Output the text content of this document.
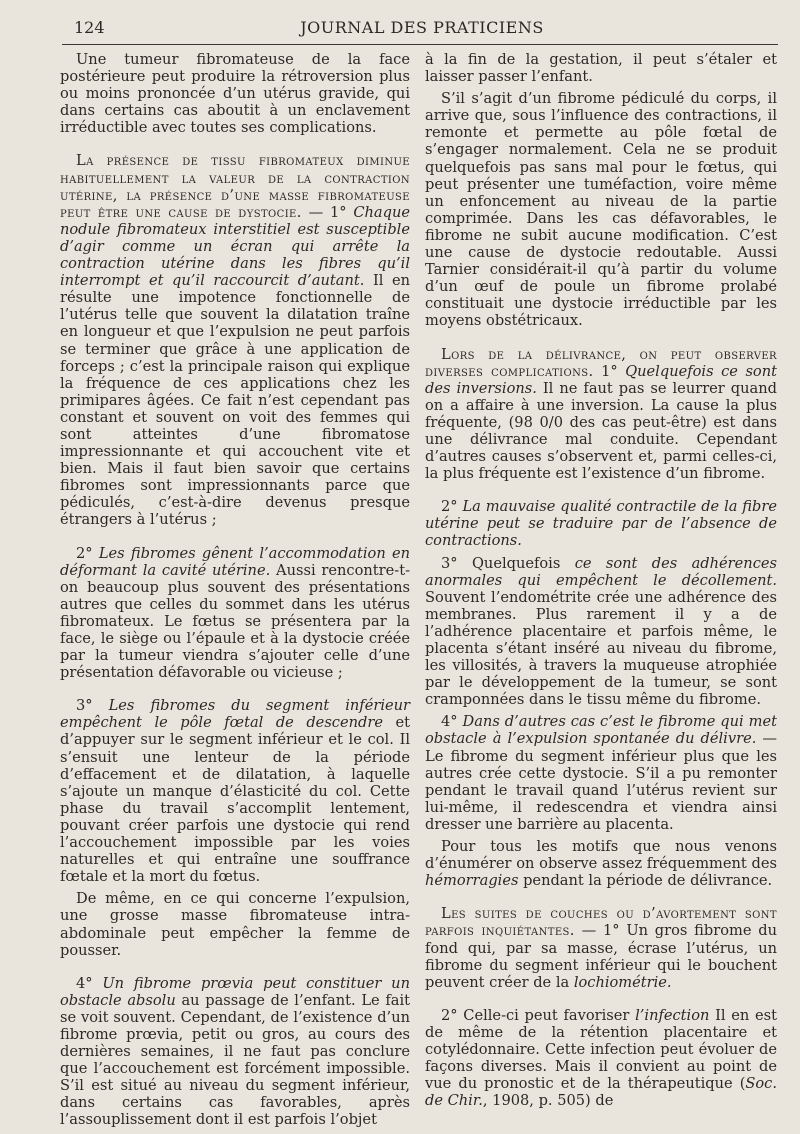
124	JOURNAL DES PRATICIENS

Une tumeur fibromateuse de la face postérieure peut produire la rétroversion plus ou moins prononcée d’un utérus gravide, qui dans certains cas aboutit à un enclavement irréductible avec toutes ses complications.

La présence de tissu fibromateux diminue habituellement la valeur de la contraction utérine, la présence d’une masse fibromateuse peut être une cause de dystocie. — 1° Chaque nodule fibromateux interstitiel est susceptible d’agir comme un écran qui arrête la contraction utérine dans les fibres qu’il interrompt et qu’il raccourcit d’autant. Il en résulte une impotence fonctionnelle de l’utérus telle que souvent la dilatation traîne en longueur et que l’expulsion ne peut parfois se terminer que grâce à une application de forceps ; c’est la principale raison qui explique la fréquence de ces applications chez les primipares âgées. Ce fait n’est cependant pas constant et souvent on voit des femmes qui sont atteintes d’une fibromatose impressionnante et qui accouchent vite et bien. Mais il faut bien savoir que certains fibromes sont impressionnants parce que pédiculés, c’est-à-dire devenus presque étrangers à l’utérus ;

2° Les fibromes gênent l’accommodation en déformant la cavité utérine. Aussi rencontre-t-on beaucoup plus souvent des présentations autres que celles du sommet dans les utérus fibromateux. Le fœtus se présentera par la face, le siège ou l’épaule et à la dystocie créée par la tumeur viendra s’ajouter celle d’une présentation défavorable ou vicieuse ;

3° Les fibromes du segment inférieur empêchent le pôle fœtal de descendre et d’appuyer sur le segment inférieur et le col. Il s’ensuit une lenteur de la période d’effacement et de dilatation, à laquelle s’ajoute un manque d’élasticité du col. Cette phase du travail s’accomplit lentement, pouvant créer parfois une dystocie qui rend l’accouchement impossible par les voies naturelles et qui entraîne une souffrance fœtale et la mort du fœtus.

De même, en ce qui concerne l’expulsion, une grosse masse fibromateuse intra-abdominale peut empêcher la femme de pousser.

4° Un fibrome prœvia peut constituer un obstacle absolu au passage de l’enfant. Le fait se voit souvent. Cependant, de l’existence d’un fibrome prœvia, petit ou gros, au cours des dernières semaines, il ne faut pas conclure que l’accouchement est forcément impossible. S’il est situé au niveau du segment inférieur, dans certains cas favorables, après l’assouplissement dont il est parfois l’objet

à la fin de la gestation, il peut s’étaler et laisser passer l’enfant.

S’il s’agit d’un fibrome pédiculé du corps, il arrive que, sous l’influence des contractions, il remonte et permette au pôle fœtal de s’engager normalement. Cela ne se produit quelquefois pas sans mal pour le fœtus, qui peut présenter une tuméfaction, voire même un enfoncement au niveau de la partie comprimée. Dans les cas défavorables, le fibrome ne subit aucune modification. C’est une cause de dystocie redoutable. Aussi Tarnier considérait-il qu’à partir du volume d’un œuf de poule un fibrome prolabé constituait une dystocie irréductible par les moyens obstétricaux.

Lors de la délivrance, on peut observer diverses complications. 1° Quelquefois ce sont des inversions. Il ne faut pas se leurrer quand on a affaire à une inversion. La cause la plus fréquente, (98 0/0 des cas peut-être) est dans une délivrance mal conduite. Cependant d’autres causes s’observent et, parmi celles-ci, la plus fréquente est l’existence d’un fibrome.

2° La mauvaise qualité contractile de la fibre utérine peut se traduire par de l’absence de contractions.

3° Quelquefois ce sont des adhérences anormales qui empêchent le décollement. Souvent l’endométrite crée une adhérence des membranes. Plus rarement il y a de l’adhérence placentaire et parfois même, le placenta s’étant inséré au niveau du fibrome, les villosités, à travers la muqueuse atrophiée par le développement de la tumeur, se sont cramponnées dans le tissu même du fibrome.

4° Dans d’autres cas c’est le fibrome qui met obstacle à l’expulsion spontanée du délivre. — Le fibrome du segment inférieur plus que les autres crée cette dystocie. S’il a pu remonter pendant le travail quand l’utérus revient sur lui-même, il redescendra et viendra ainsi dresser une barrière au placenta.

Pour tous les motifs que nous venons d’énumérer on observe assez fréquemment des hémorragies pendant la période de délivrance.

Les suites de couches ou d’avortement sont parfois inquiétantes. — 1° Un gros fibrome du fond qui, par sa masse, écrase l’utérus, un fibrome du segment inférieur qui le bouchent peuvent créer de la lochiométrie.

2° Celle-ci peut favoriser l’infection Il en est de même de la rétention placentaire et cotylédonnaire. Cette infection peut évoluer de façons diverses. Mais il convient au point de vue du pronostic et de la thérapeutique (Soc. de Chir., 1908, p. 505) de
